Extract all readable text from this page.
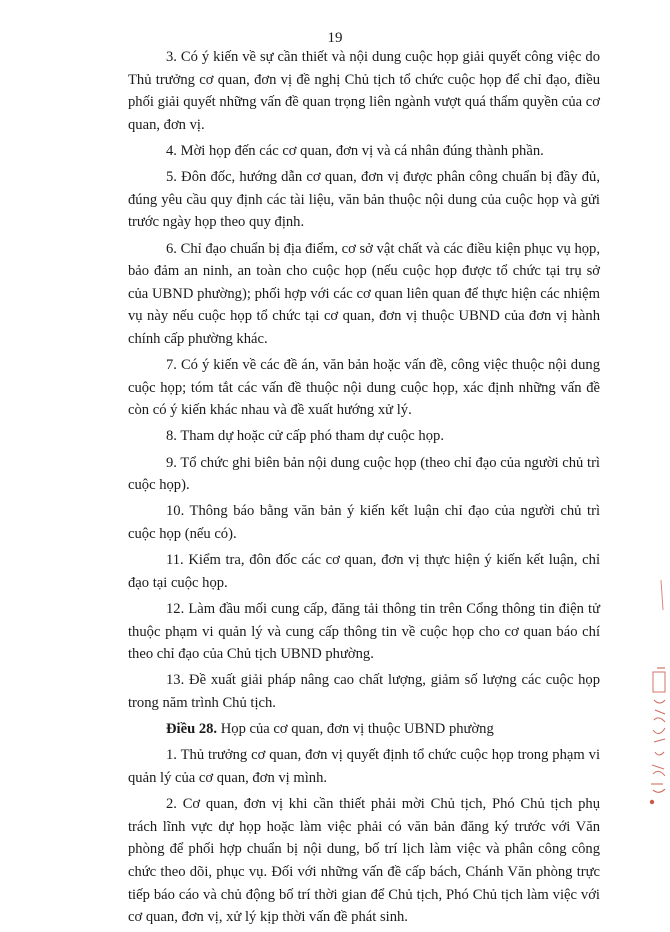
19

3. Có ý kiến về sự cần thiết và nội dung cuộc họp giải quyết công việc do Thủ trưởng cơ quan, đơn vị đề nghị Chủ tịch tổ chức cuộc họp để chỉ đạo, điều phối giải quyết những vấn đề quan trọng liên ngành vượt quá thẩm quyền của cơ quan, đơn vị.

4. Mời họp đến các cơ quan, đơn vị và cá nhân đúng thành phần.

5. Đôn đốc, hướng dẫn cơ quan, đơn vị được phân công chuẩn bị đầy đủ, đúng yêu cầu quy định các tài liệu, văn bản thuộc nội dung của cuộc họp và gửi trước ngày họp theo quy định.

6. Chỉ đạo chuẩn bị địa điểm, cơ sở vật chất và các điều kiện phục vụ họp, bảo đảm an ninh, an toàn cho cuộc họp (nếu cuộc họp được tổ chức tại trụ sở của UBND phường); phối hợp với các cơ quan liên quan để thực hiện các nhiệm vụ này nếu cuộc họp tổ chức tại cơ quan, đơn vị thuộc UBND của đơn vị hành chính cấp phường khác.

7. Có ý kiến về các đề án, văn bản hoặc vấn đề, công việc thuộc nội dung cuộc họp; tóm tắt các vấn đề thuộc nội dung cuộc họp, xác định những vấn đề còn có ý kiến khác nhau và đề xuất hướng xử lý.

8. Tham dự hoặc cử cấp phó tham dự cuộc họp.

9. Tổ chức ghi biên bản nội dung cuộc họp (theo chỉ đạo của người chủ trì cuộc họp).

10. Thông báo bằng văn bản ý kiến kết luận chỉ đạo của người chủ trì cuộc họp (nếu có).

11. Kiểm tra, đôn đốc các cơ quan, đơn vị thực hiện ý kiến kết luận, chỉ đạo tại cuộc họp.

12. Làm đầu mối cung cấp, đăng tải thông tin trên Cổng thông tin điện tử thuộc phạm vi quản lý và cung cấp thông tin về cuộc họp cho cơ quan báo chí theo chỉ đạo của Chủ tịch UBND phường.

13. Đề xuất giải pháp nâng cao chất lượng, giảm số lượng các cuộc họp trong năm trình Chủ tịch.

Điều 28. Họp của cơ quan, đơn vị thuộc UBND phường

1. Thủ trưởng cơ quan, đơn vị quyết định tổ chức cuộc họp trong phạm vi quản lý của cơ quan, đơn vị mình.

2. Cơ quan, đơn vị khi cần thiết phải mời Chủ tịch, Phó Chủ tịch phụ trách lĩnh vực dự họp hoặc làm việc phải có văn bản đăng ký trước với Văn phòng để phối hợp chuẩn bị nội dung, bố trí lịch làm việc và phân công công chức theo dõi, phục vụ. Đối với những vấn đề cấp bách, Chánh Văn phòng trực tiếp báo cáo và chủ động bố trí thời gian để Chủ tịch, Phó Chủ tịch làm việc với cơ quan, đơn vị, xử lý kịp thời vấn đề phát sinh.
